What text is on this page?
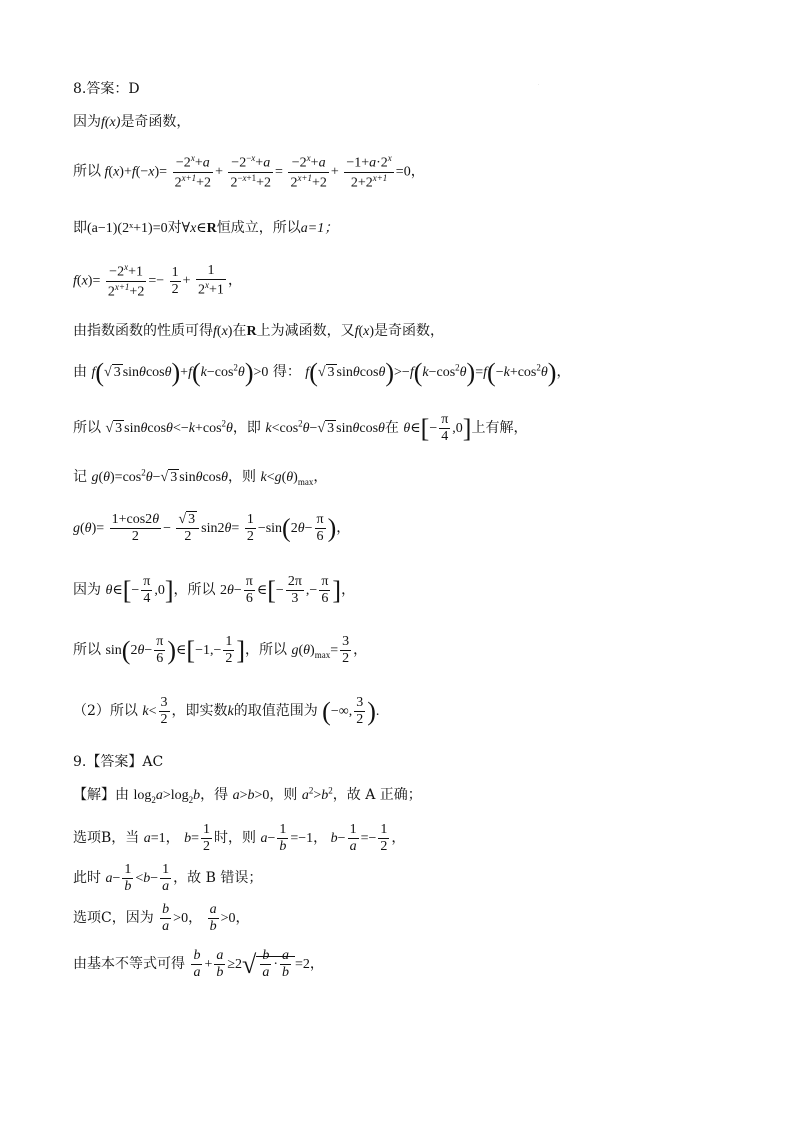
·
8.答案：D
因为f(x)是奇函数，
所以 $f(x)+f(-x)= \frac{-2^x+a}{2^{x+1}+2} + \frac{-2^{-x}+a}{2^{-x+1}+2} = \frac{-2^x+a}{2^{x+1}+2} + \frac{-1+a\cdot 2^x}{2+2^{x+1}} =0$，
即(a−1)(2ˣ+1)=0对∀x∈R恒成立，所以a=1；
$f(x)= \frac{-2^x+1}{2^{x+1}+2} =- \frac{1}{2} + \frac{1}{2^x+1}$ ，
由指数函数的性质可得f(x)在R上为减函数，又f(x)是奇函数，
由 f(√ 3 $\sin\theta\cos\theta)+f(k-\cos^2\theta)>0$ 得： f(√ 3 $\sin\theta\cos\theta)>-f(k-\cos^2\theta)=f(-k+\cos^2\theta)$，
所以 √ 3 $\sin\theta\cos\theta<-k+\cos^2\theta$，即 $k<\cos^2\theta-√$ 3 sinθcosθ在 θ∈[− $\frac{\pi}{4} ,0$]上有解，
记 $g(\theta)=\cos^2\theta-√$ 3 sinθcosθ，则 $k<g(\theta)_{max}$，
$g(\theta)= \frac{1+\cos 2\theta}{2} - \frac{√ 3}{2} \sin 2\theta= \frac{1}{2} -\sin(2\theta- \frac{\pi}{6}$ )，
因为 θ∈[− $\frac{\pi}{4} ,0$]，所以 $2\theta- \frac{\pi}{6}$ ∈[− $\frac{2\pi}{3}$ ,− $\frac{\pi}{6}$ ]，
所以 $\sin(2\theta- \frac{\pi}{6}$ )∈[−1,− $\frac{1}{2}$ ]，所以 $g(\theta)_{max}= \frac{3}{2}$ ，
（2）所以 $k< \frac{3}{2}$ ，即实数k的取值范围为 (−∞, $\frac{3}{2}$ ).
9.【答案】AC
【解】由 $\log_2a>\log_2b$，得 a>b>0，则 $a^2>b^2$，故 A 正确；
选项B，当 a=1， $b= \frac{1}{2}$ 时，则 $a- \frac{1}{b} =-1$， $b- \frac{1}{a} =- \frac{1}{2}$ ，
此时 $a- \frac{1}{b} <b- \frac{1}{a}$ ，故 B 错误；
选项C，因为 $\frac{b}{a} >0$， $\frac{a}{b} >0$，
由基本不等式可得 $\frac{b}{a} + \frac{a}{b} \ge 2√ \frac{b}{a} \cdot \frac{a}{b} =2$，
